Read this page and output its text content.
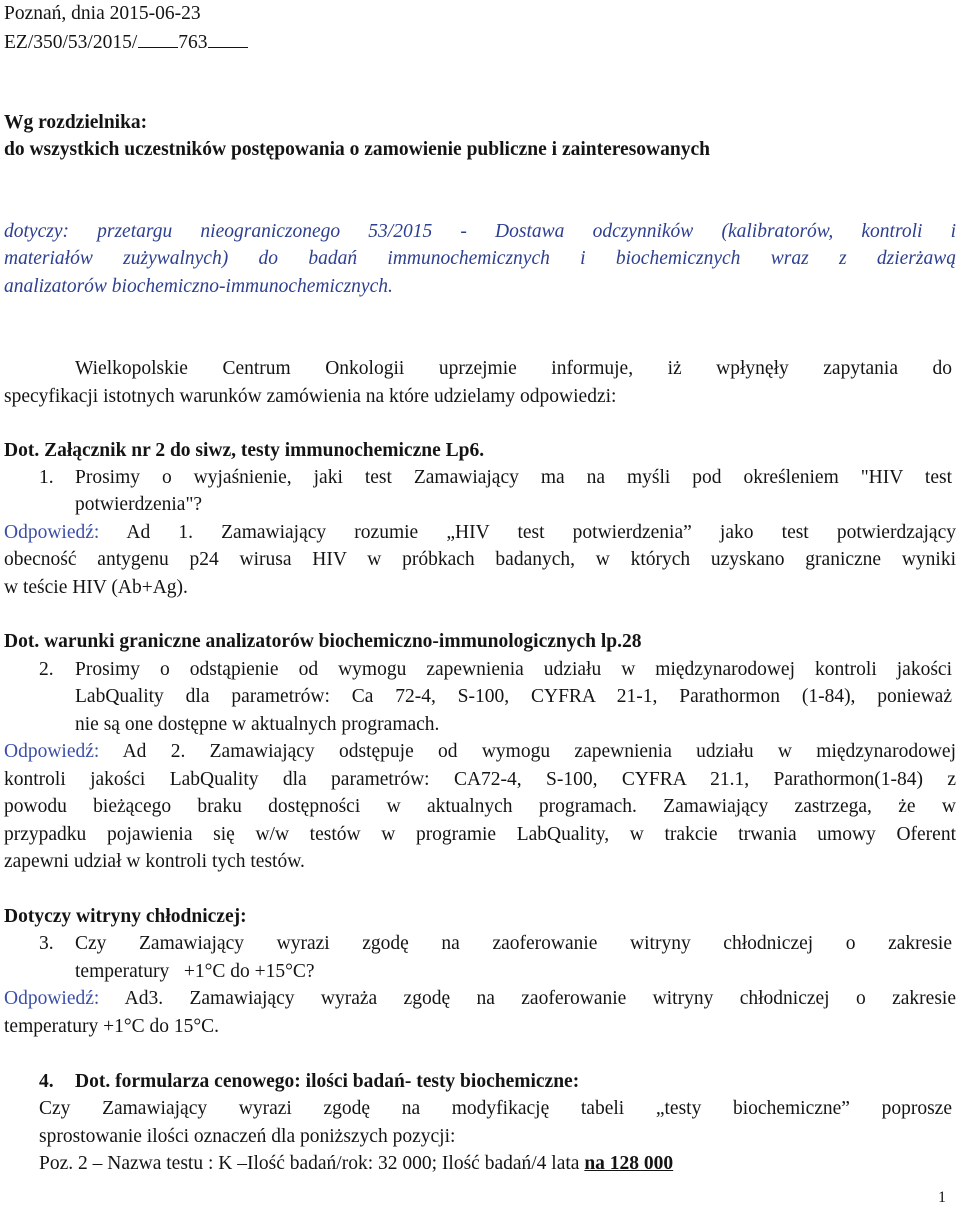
Poznań, dnia 2015-06-23
EZ/350/53/2015/ 763
Wg rozdzielnika:
do wszystkich uczestników postępowania o zamowienie publiczne i zainteresowanych
dotyczy: przetargu nieograniczonego 53/2015 - Dostawa odczynników (kalibratorów, kontroli i
materiałów zużywalnych) do badań immunochemicznych i biochemicznych wraz z dzierżawą
analizatorów biochemiczno-immunochemicznych.
Wielkopolskie Centrum Onkologii uprzejmie informuje, iż wpłynęły zapytania do
specyfikacji istotnych warunków zamówienia na które udzielamy odpowiedzi:
Dot. Załącznik nr 2 do siwz, testy immunochemiczne Lp6.
1. Prosimy o wyjaśnienie, jaki test Zamawiający ma na myśli pod określeniem "HIV test
potwierdzenia"?
Odpowiedź: Ad 1. Zamawiający rozumie „HIV test potwierdzenia” jako test potwierdzający
obecność antygenu p24 wirusa HIV w próbkach badanych, w których uzyskano graniczne wyniki
w teście HIV (Ab+Ag).
Dot. warunki graniczne analizatorów biochemiczno-immunologicznych lp.28
2. Prosimy o odstąpienie od wymogu zapewnienia udziału w międzynarodowej kontroli jakości
LabQuality dla parametrów: Ca 72-4, S-100, CYFRA 21-1, Parathormon (1-84), ponieważ
nie są one dostępne w aktualnych programach.
Odpowiedź: Ad 2. Zamawiający odstępuje od wymogu zapewnienia udziału w międzynarodowej
kontroli jakości LabQuality dla parametrów: CA72-4, S-100, CYFRA 21.1, Parathormon(1-84) z
powodu bieżącego braku dostępności w aktualnych programach. Zamawiający zastrzega, że w
przypadku pojawienia się w/w testów w programie LabQuality, w trakcie trwania umowy Oferent
zapewni udział w kontroli tych testów.
Dotyczy witryny chłodniczej:
3. Czy Zamawiający wyrazi zgodę na zaoferowanie witryny chłodniczej o zakresie
temperatury   +1°C do +15°C?
Odpowiedź: Ad3. Zamawiający wyraża zgodę na zaoferowanie witryny chłodniczej o zakresie
temperatury +1°C do 15°C.
4. Dot. formularza cenowego: ilości badań- testy biochemiczne:
Czy Zamawiający wyrazi zgodę na modyfikację tabeli „testy biochemiczne” poprosze
sprostowanie ilości oznaczeń dla poniższych pozycji:
Poz. 2 – Nazwa testu : K –Ilość badań/rok: 32 000; Ilość badań/4 lata na 128 000
1
